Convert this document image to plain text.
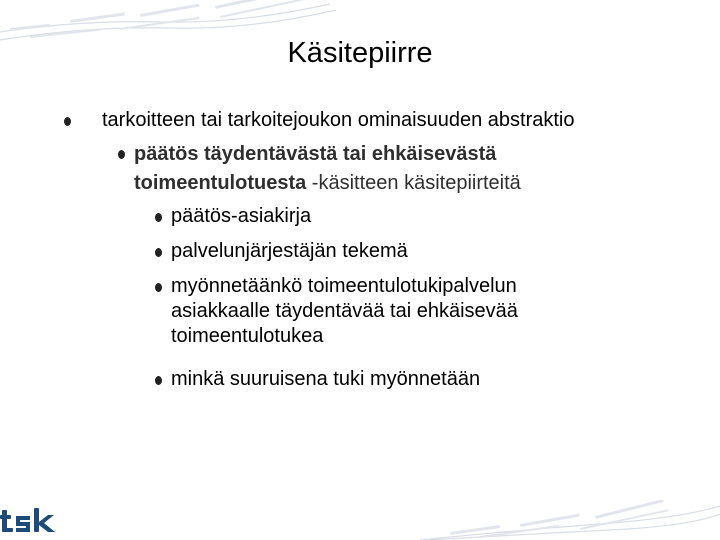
Käsitepiirre

tarkoitteen tai tarkoitejoukon ominaisuuden abstraktio

päätös täydentävästä tai ehkäisevästä toimeentulotuesta -käsitteen käsitepiirteitä

päätös-asiakirja

palvelunjärjestäjän tekemä

myönnetäänkö toimeentulotukipalvelun asiakkaalle täydentävää tai ehkäisevää toimeentulotukea

minkä suuruisena tuki myönnetään
